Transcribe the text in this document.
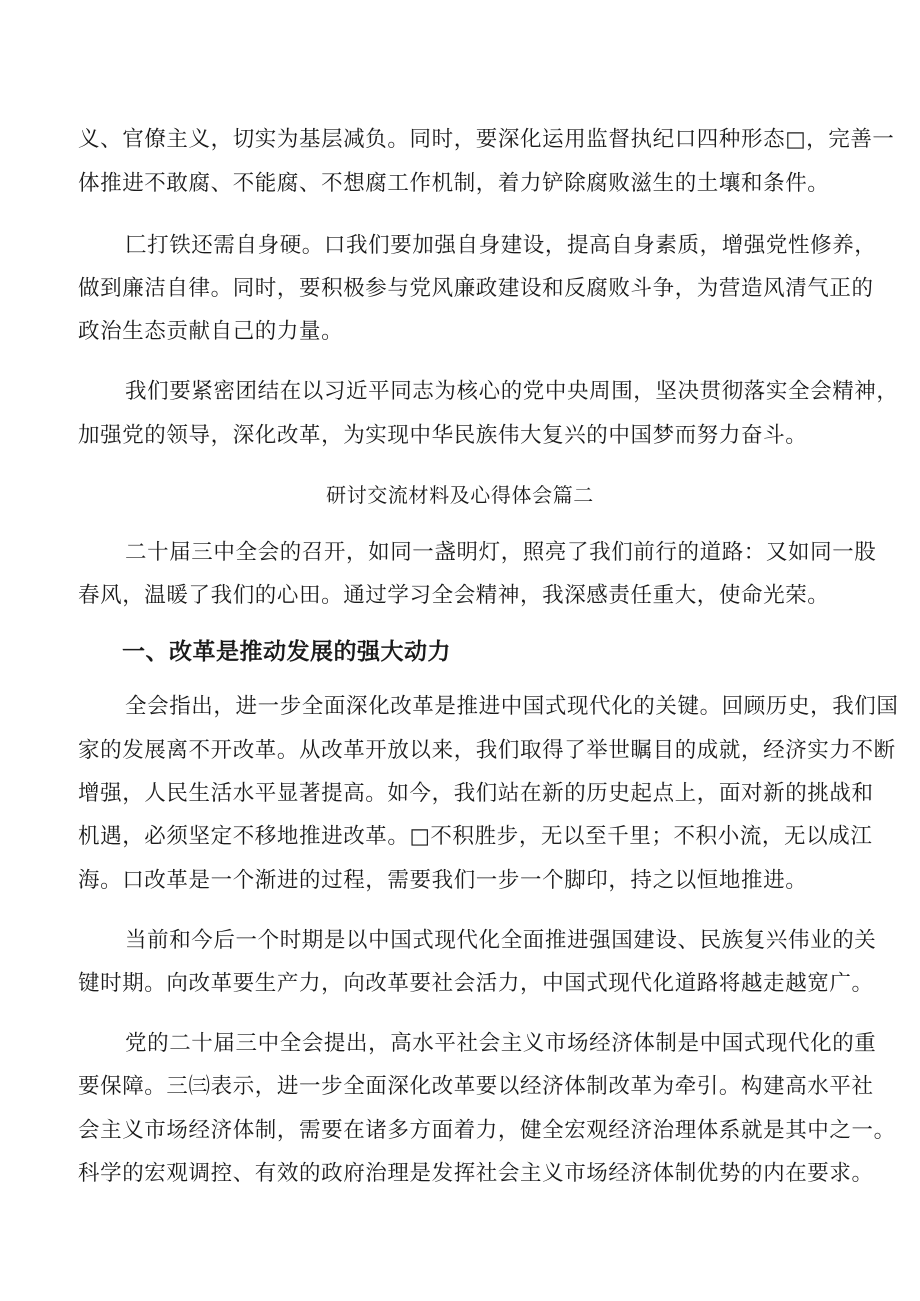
义、官僚主义，切实为基层减负。同时，要深化运用监督执纪口四种形态□，完善一
体推进不敢腐、不能腐、不想腐工作机制，着力铲除腐败滋生的土壤和条件。
匚打铁还需自身硬。口我们要加强自身建设，提高自身素质，增强党性修养，
做到廉洁自律。同时，要积极参与党风廉政建设和反腐败斗争，为营造风清气正的
政治生态贡献自己的力量。
我们要紧密团结在以习近平同志为核心的党中央周围，坚决贯彻落实全会精神，
加强党的领导，深化改革，为实现中华民族伟大复兴的中国梦而努力奋斗。
研讨交流材料及心得体会篇二
二十届三中全会的召开，如同一盏明灯，照亮了我们前行的道路：又如同一股
春风，温暖了我们的心田。通过学习全会精神，我深感责任重大，使命光荣。
一、改革是推动发展的强大动力
全会指出，进一步全面深化改革是推进中国式现代化的关键。回顾历史，我们国
家的发展离不开改革。从改革开放以来，我们取得了举世瞩目的成就，经济实力不断
增强，人民生活水平显著提高。如今，我们站在新的历史起点上，面对新的挑战和
机遇，必须坚定不移地推进改革。□不积胜步，无以至千里；不积小流，无以成江
海。口改革是一个渐进的过程，需要我们一步一个脚印，持之以恒地推进。
当前和今后一个时期是以中国式现代化全面推进强国建设、民族复兴伟业的关
键时期。向改革要生产力，向改革要社会活力，中国式现代化道路将越走越宽广。
党的二十届三中全会提出，高水平社会主义市场经济体制是中国式现代化的重
要保障。三㈢表示，进一步全面深化改革要以经济体制改革为牵引。构建高水平社
会主义市场经济体制，需要在诸多方面着力，健全宏观经济治理体系就是其中之一。
科学的宏观调控、有效的政府治理是发挥社会主义市场经济体制优势的内在要求。
